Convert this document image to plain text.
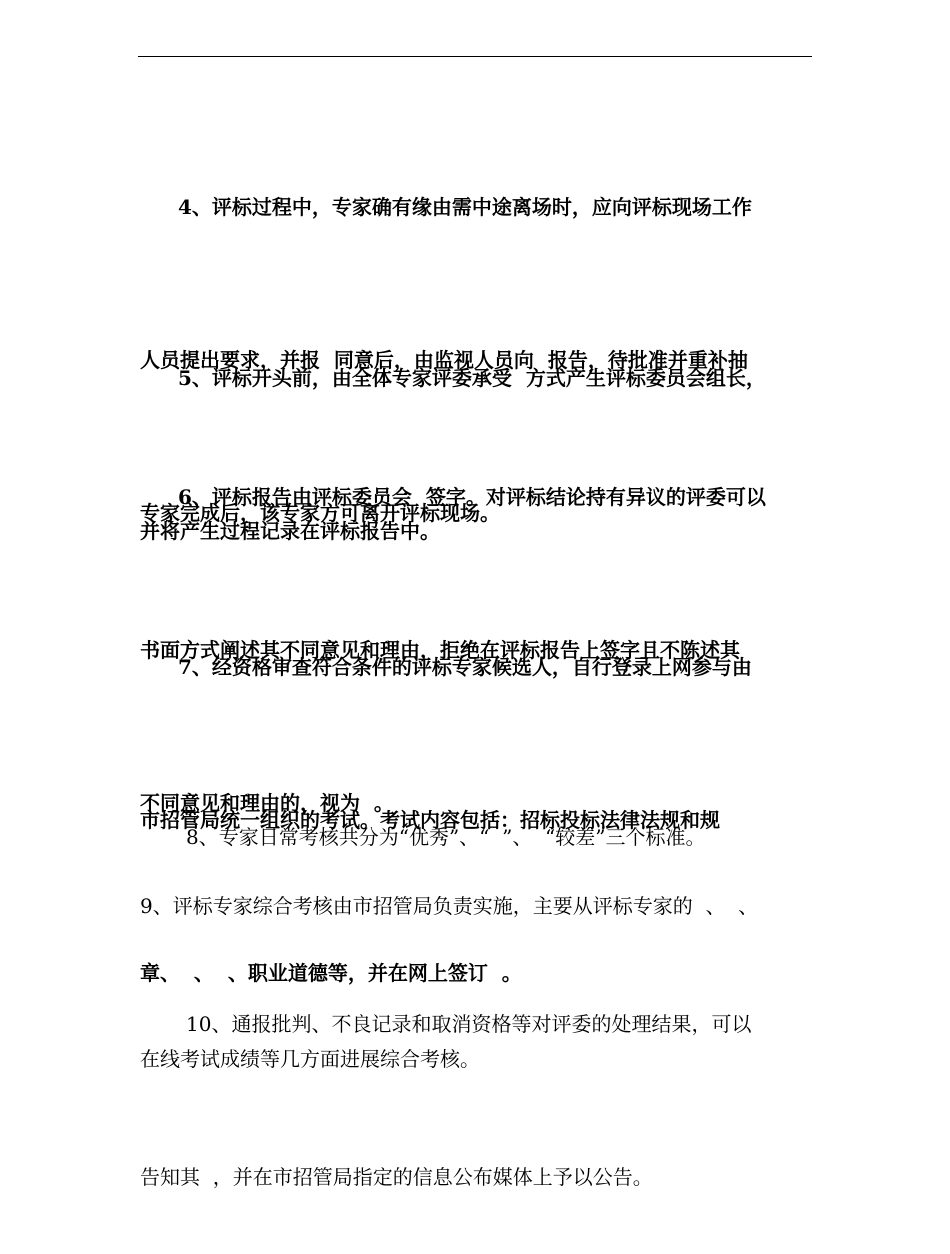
4、评标过程中，专家确有缘由需中途离场时，应向评标现场工作

人员提出要求，并报  同意后，由监视人员向  报告，待批准并重补抽

专家完成后，该专家方可离开评标现场。

5、评标开头前，由全体专家评委承受  方式产生评标委员会组长，

并将产生过程记录在评标报告中。

6、评标报告由评标委员会  签字。对评标结论持有异议的评委可以

书面方式阐述其不同意见和理由，拒绝在评标报告上签字且不陈述其

不同意见和理由的，视为  。

7、经资格审查符合条件的评标专家候选人，自行登录上网参与由

市招管局统一组织的考试。考试内容包括：招标投标法律法规和规

章、  、  、职业道德等，并在网上签订  。

8、专家日常考核共分为“优秀”、“  ”、  “较差”三个标准。

9、评标专家综合考核由市招管局负责实施，主要从评标专家的  、  、

在线考试成绩等几方面进展综合考核。

10、通报批判、不良记录和取消资格等对评委的处理结果，可以

告知其  ，并在市招管局指定的信息公布媒体上予以公告。
